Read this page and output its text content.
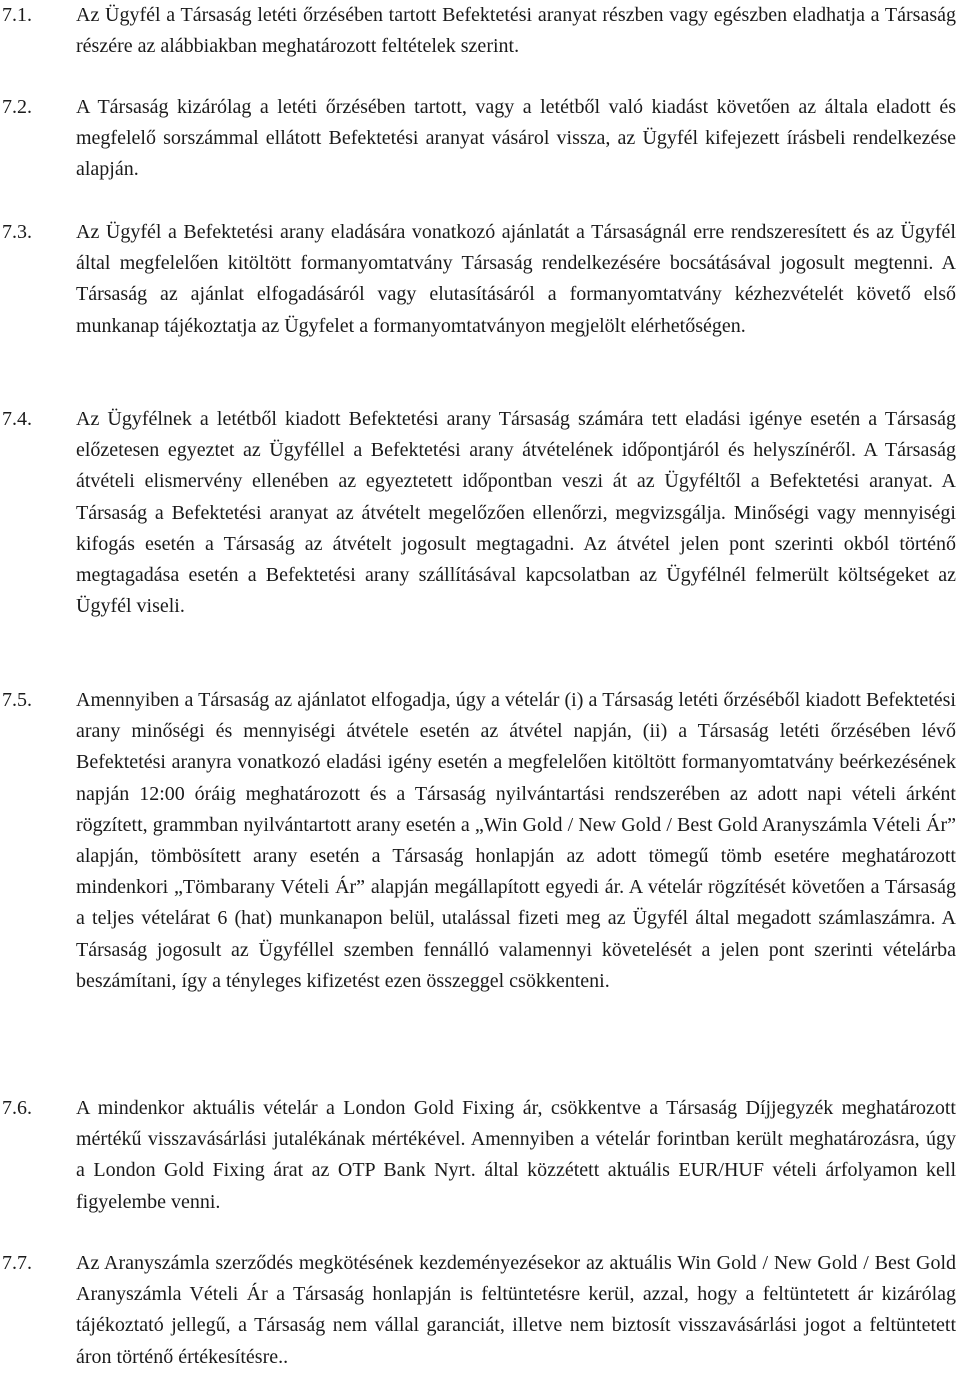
7.1.	Az Ügyfél a Társaság letéti őrzésében tartott Befektetési aranyat részben vagy egészben eladhatja a Társaság részére az alábbiakban meghatározott feltételek szerint.
7.2.	A Társaság kizárólag a letéti őrzésében tartott, vagy a letétből való kiadást követően az általa eladott és megfelelő sorszámmal ellátott Befektetési aranyat vásárol vissza, az Ügyfél kifejezett írásbeli rendelkezése alapján.
7.3.	Az Ügyfél a Befektetési arany eladására vonatkozó ajánlatát a Társaságnál erre rendszeresített és az Ügyfél által megfelelően kitöltött formanyomtatvány Társaság rendelkezésére bocsátásával jogosult megtenni. A Társaság az ajánlat elfogadásáról vagy elutasításáról a formanyomtatvány kézhezvételét követő első munkanap tájékoztatja az Ügyfelet a formanyomtatványon megjelölt elérhetőségen.
7.4.	Az Ügyfélnek a letétből kiadott Befektetési arany Társaság számára tett eladási igénye esetén a Társaság előzetesen egyeztet az Ügyféllel a Befektetési arany átvételének időpontjáról és helyszínéről. A Társaság átvételi elismervény ellenében az egyeztetett időpontban veszi át az Ügyféltől a Befektetési aranyat. A Társaság a Befektetési aranyat az átvételt megelőzően ellenőrzi, megvizsgálja. Minőségi vagy mennyiségi kifogás esetén a Társaság az átvételt jogosult megtagadni. Az átvétel jelen pont szerinti okból történő megtagadása esetén a Befektetési arany szállításával kapcsolatban az Ügyfélnél felmerült költségeket az Ügyfél viseli.
7.5.	Amennyiben a Társaság az ajánlatot elfogadja, úgy a vételár (i) a Társaság letéti őrzéséből kiadott Befektetési arany minőségi és mennyiségi átvétele esetén az átvétel napján, (ii) a Társaság letéti őrzésében lévő Befektetési aranyra vonatkozó eladási igény esetén a megfelelően kitöltött formanyomtatvány beérkezésének napján 12:00 óráig meghatározott és a Társaság nyilvántartási rendszerében az adott napi vételi árként rögzített, grammban nyilvántartott arany esetén a „Win Gold / New Gold / Best Gold Aranyszámla Vételi Ár” alapján, tömbösített arany esetén a Társaság honlapján az adott tömegű tömb esetére meghatározott mindenkori „Tömbarany Vételi Ár” alapján megállapított egyedi ár. A vételár rögzítését követően a Társaság a teljes vételárat 6 (hat) munkanapon belül, utalással fizeti meg az Ügyfél által megadott számlaszámra. A Társaság jogosult az Ügyféllel szemben fennálló valamennyi követelését a jelen pont szerinti vételárba beszámítani, így a tényleges kifizetést ezen összeggel csökkenteni.
7.6.	A mindenkor aktuális vételár a London Gold Fixing ár, csökkentve a Társaság Díjjegyzék meghatározott mértékű visszavásárlási jutalékának mértékével. Amennyiben a vételár forintban került meghatározásra, úgy a London Gold Fixing árat az OTP Bank Nyrt. által közzétett aktuális EUR/HUF vételi árfolyamon kell figyelembe venni.
7.7.	Az Aranyszámla szerződés megkötésének kezdeményezésekor az aktuális Win Gold / New Gold / Best Gold Aranyszámla Vételi Ár a Társaság honlapján is feltüntetésre kerül, azzal, hogy a feltüntetett ár kizárólag tájékoztató jellegű, a Társaság nem vállal garanciát, illetve nem biztosít visszavásárlási jogot a feltüntetett áron történő értékesítésre..
